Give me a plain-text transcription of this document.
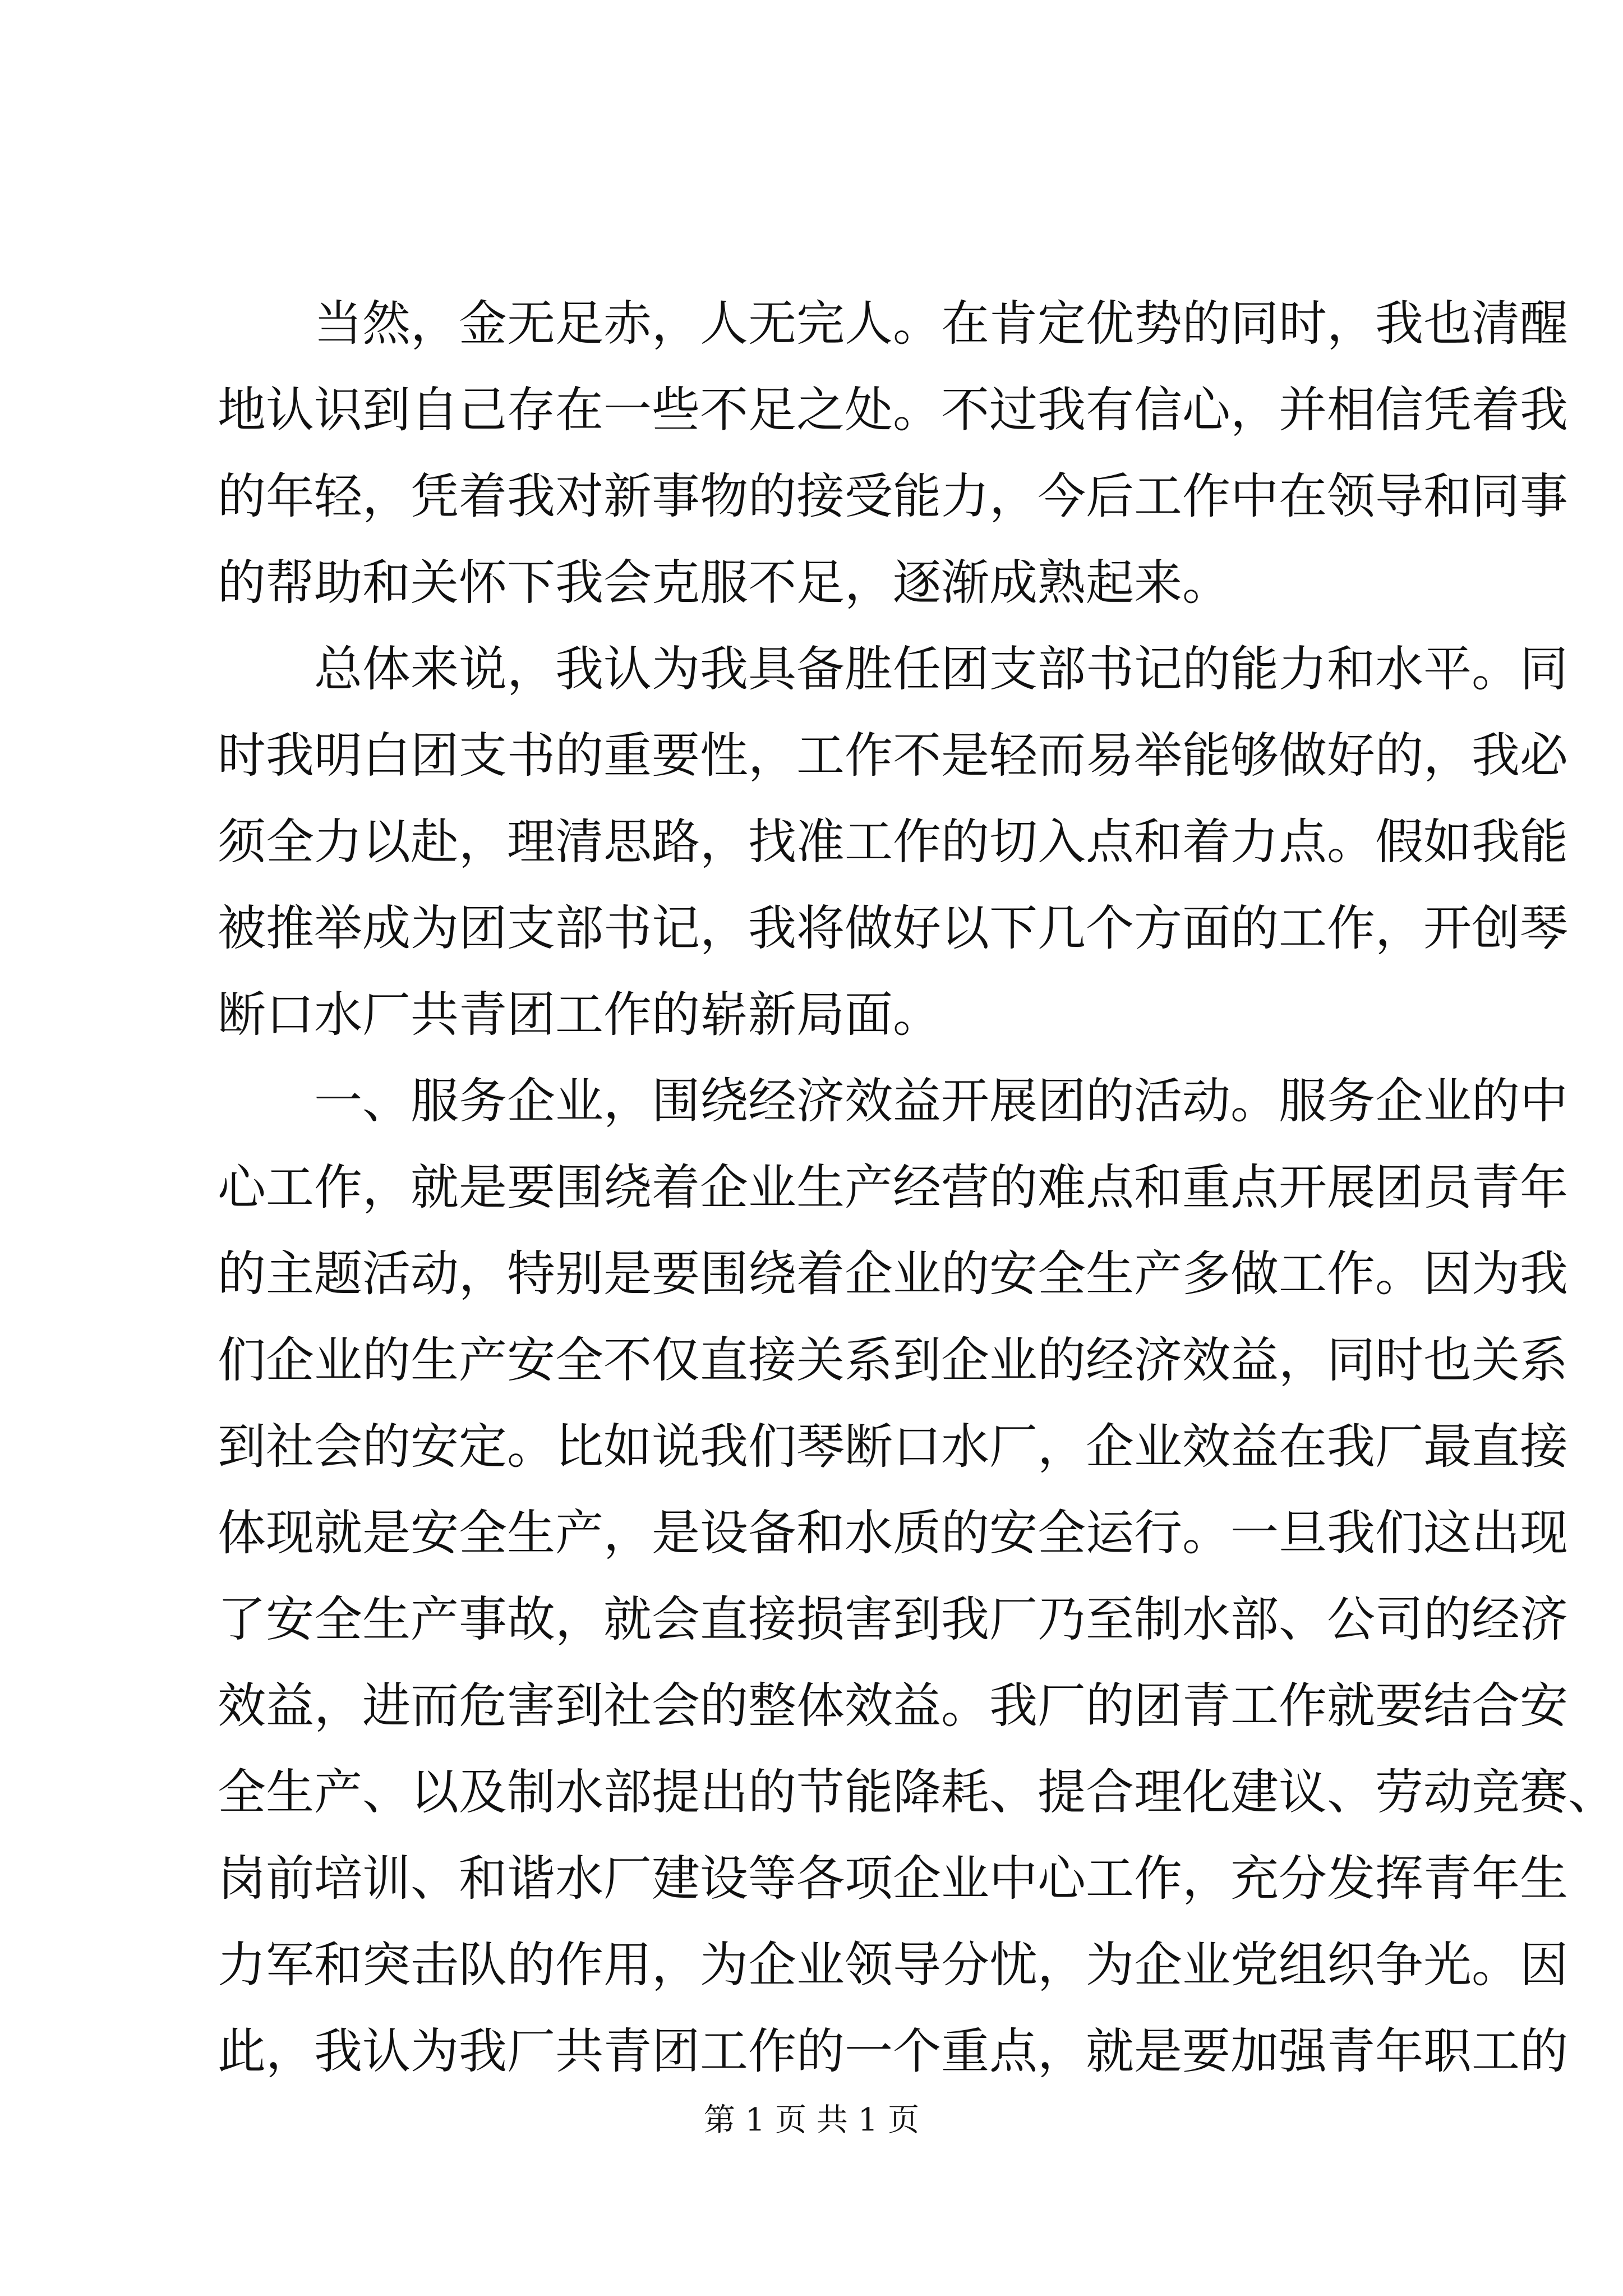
　　当然，金无足赤，人无完人。在肯定优势的同时，我也清醒
地认识到自己存在一些不足之处。不过我有信心，并相信凭着我
的年轻，凭着我对新事物的接受能力，今后工作中在领导和同事
的帮助和关怀下我会克服不足，逐渐成熟起来。
　　总体来说，我认为我具备胜任团支部书记的能力和水平。同
时我明白团支书的重要性，工作不是轻而易举能够做好的，我必
须全力以赴，理清思路，找准工作的切入点和着力点。假如我能
被推举成为团支部书记，我将做好以下几个方面的工作，开创琴
断口水厂共青团工作的崭新局面。
　　一、服务企业，围绕经济效益开展团的活动。服务企业的中
心工作，就是要围绕着企业生产经营的难点和重点开展团员青年
的主题活动，特别是要围绕着企业的安全生产多做工作。因为我
们企业的生产安全不仅直接关系到企业的经济效益，同时也关系
到社会的安定。比如说我们琴断口水厂，企业效益在我厂最直接
体现就是安全生产，是设备和水质的安全运行。一旦我们这出现
了安全生产事故，就会直接损害到我厂乃至制水部、公司的经济
效益，进而危害到社会的整体效益。我厂的团青工作就要结合安
全生产、以及制水部提出的节能降耗、提合理化建议、劳动竞赛、
岗前培训、和谐水厂建设等各项企业中心工作，充分发挥青年生
力军和突击队的作用，为企业领导分忧，为企业党组织争光。因
此，我认为我厂共青团工作的一个重点，就是要加强青年职工的
第 1 页 共 1 页
